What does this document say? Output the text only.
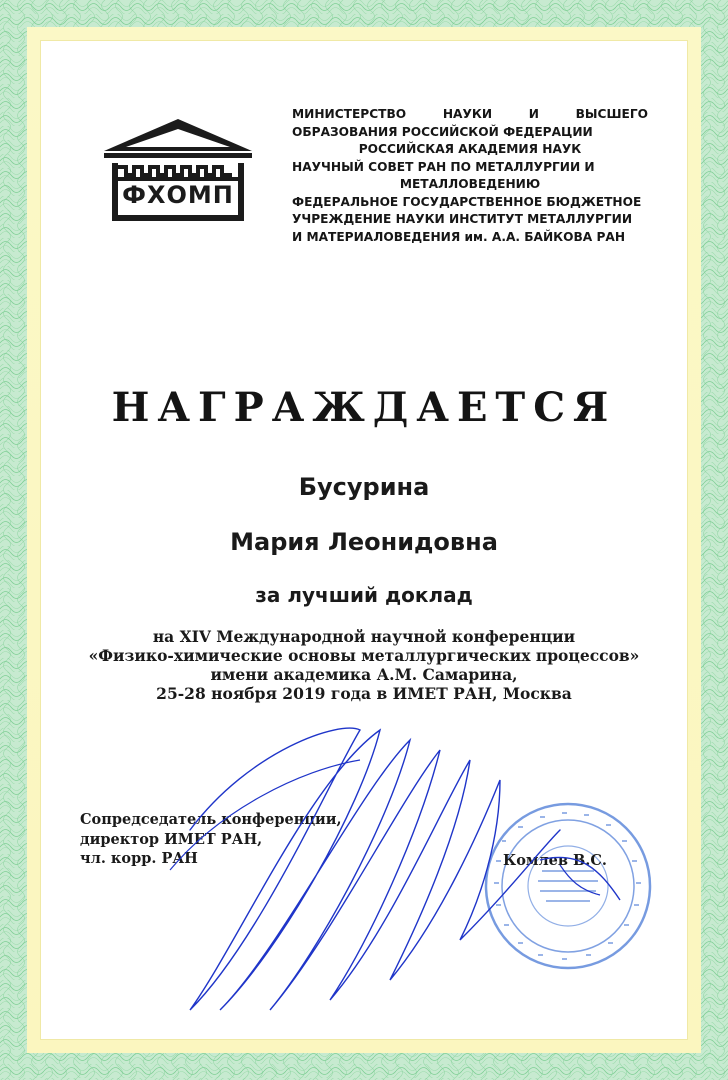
ФХОМП
МИНИСТЕРСТВО НАУКИ И ВЫСШЕГО
ОБРАЗОВАНИЯ РОССИЙСКОЙ ФЕДЕРАЦИИ
РОССИЙСКАЯ АКАДЕМИЯ НАУК
НАУЧНЫЙ СОВЕТ РАН ПО МЕТАЛЛУРГИИ И
МЕТАЛЛОВЕДЕНИЮ
ФЕДЕРАЛЬНОЕ ГОСУДАРСТВЕННОЕ БЮДЖЕТНОЕ
УЧРЕЖДЕНИЕ НАУКИ ИНСТИТУТ МЕТАЛЛУРГИИ
И МАТЕРИАЛОВЕДЕНИЯ им. А.А. БАЙКОВА РАН
НАГРАЖДАЕТСЯ
Бусурина
Мария Леонидовна
за лучший доклад
на XIV Международной научной конференции
«Физико-химические основы металлургических процессов»
имени академика А.М. Самарина,
25-28 ноября 2019 года в ИМЕТ РАН, Москва
Сопредседатель конференции,
директор ИМЕТ РАН,
чл. корр. РАН	Комлев В.С.
